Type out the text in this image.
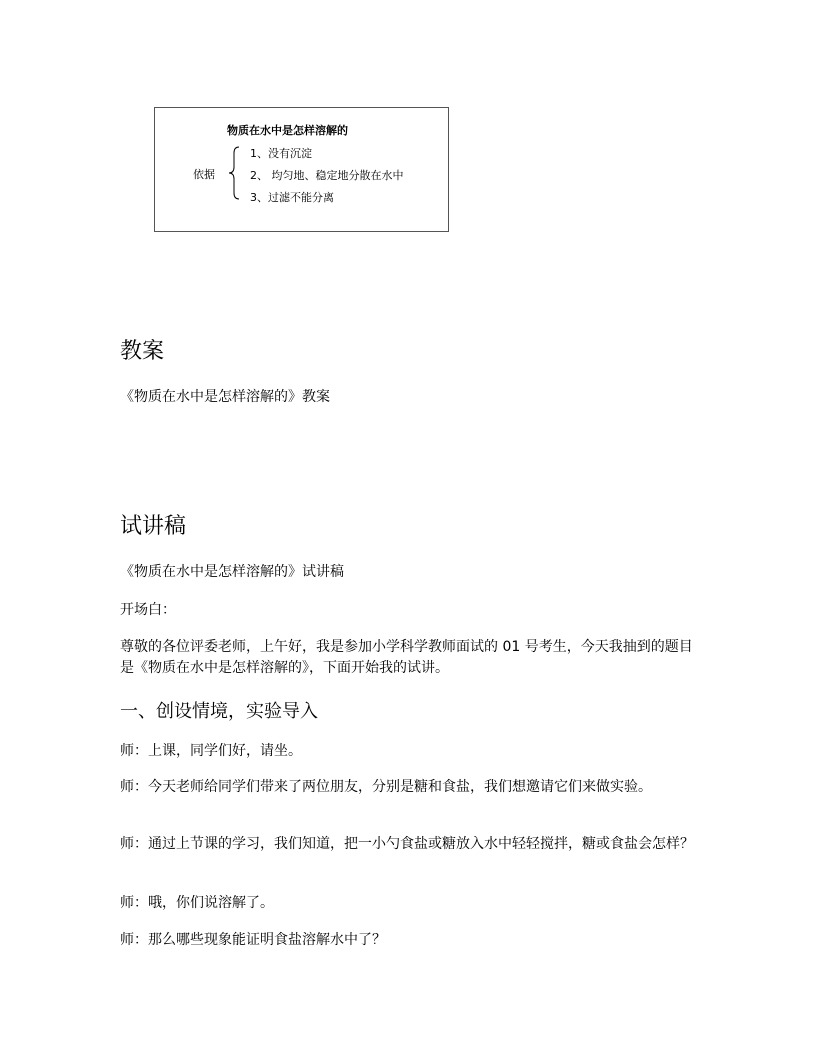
物质在水中是怎样溶解的
依据
1、没有沉淀
2、 均匀地、稳定地分散在水中
3、过滤不能分离
教案
《物质在水中是怎样溶解的》教案
试讲稿
《物质在水中是怎样溶解的》试讲稿
开场白：
尊敬的各位评委老师，上午好，我是参加小学科学教师面试的 01 号考生，今天我抽到的题目是《物质在水中是怎样溶解的》，下面开始我的试讲。
一、创设情境，实验导入
师：上课，同学们好，请坐。
师：今天老师给同学们带来了两位朋友，分别是糖和食盐，我们想邀请它们来做实验。
师：通过上节课的学习，我们知道，把一小勺食盐或糖放入水中轻轻搅拌，糖或食盐会怎样？
师：哦，你们说溶解了。
师：那么哪些现象能证明食盐溶解水中了？
